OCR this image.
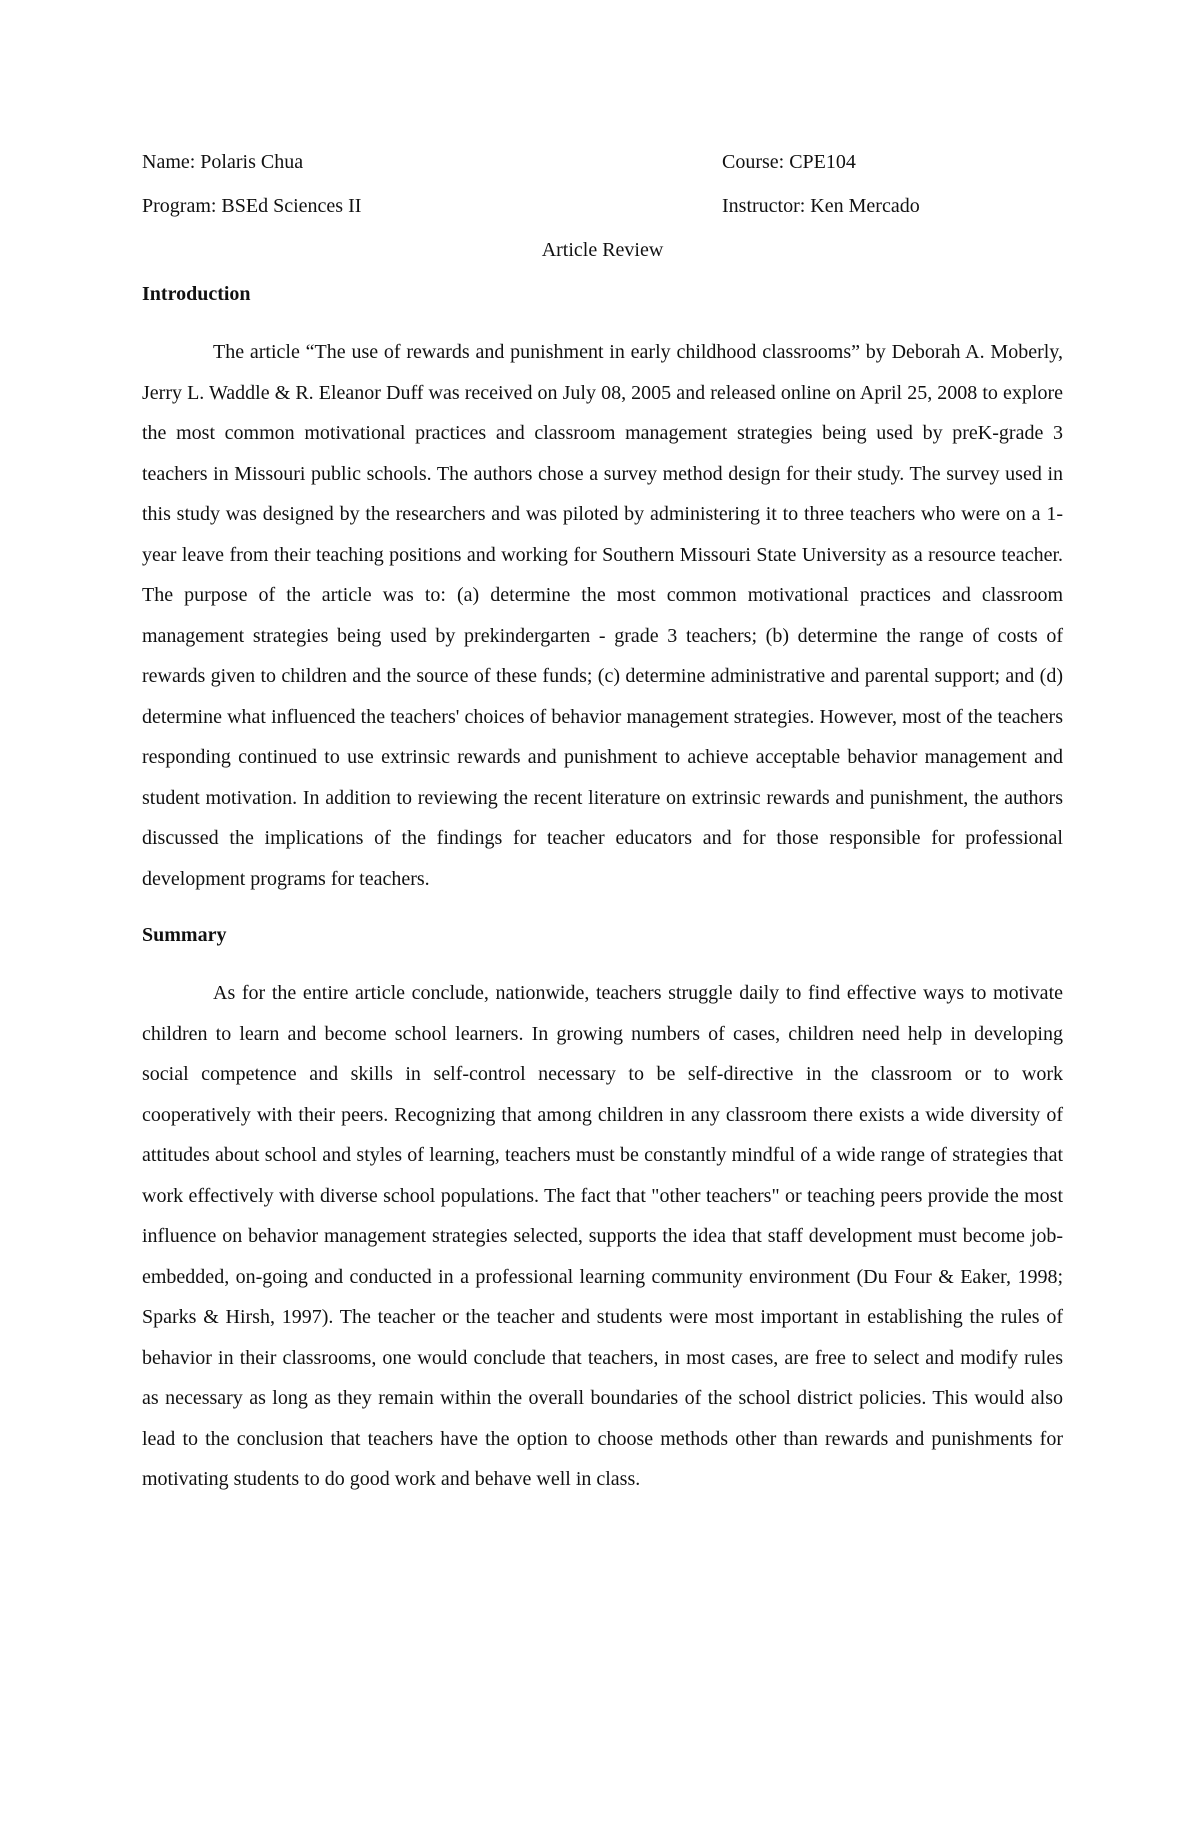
Name: Polaris Chua	Course: CPE104
Program: BSEd Sciences II	Instructor: Ken Mercado
Article Review
Introduction

The article “The use of rewards and punishment in early childhood classrooms” by Deborah A. Moberly, Jerry L. Waddle & R. Eleanor Duff was received on July 08, 2005 and released online on April 25, 2008 to explore the most common motivational practices and classroom management strategies being used by preK-grade 3 teachers in Missouri public schools. The authors chose a survey method design for their study. The survey used in this study was designed by the researchers and was piloted by administering it to three teachers who were on a 1-year leave from their teaching positions and working for Southern Missouri State University as a resource teacher. The purpose of the article was to: (a) determine the most common motivational practices and classroom management strategies being used by prekindergarten - grade 3 teachers; (b) determine the range of costs of rewards given to children and the source of these funds; (c) determine administrative and parental support; and (d) determine what influenced the teachers' choices of behavior management strategies. However, most of the teachers responding continued to use extrinsic rewards and punishment to achieve acceptable behavior management and student motivation. In addition to reviewing the recent literature on extrinsic rewards and punishment, the authors discussed the implications of the findings for teacher educators and for those responsible for professional development programs for teachers.

Summary

As for the entire article conclude, nationwide, teachers struggle daily to find effective ways to motivate children to learn and become school learners. In growing numbers of cases, children need help in developing social competence and skills in self-control necessary to be self-directive in the classroom or to work cooperatively with their peers. Recognizing that among children in any classroom there exists a wide diversity of attitudes about school and styles of learning, teachers must be constantly mindful of a wide range of strategies that work effectively with diverse school populations. The fact that "other teachers" or teaching peers provide the most influence on behavior management strategies selected, supports the idea that staff development must become job-embedded, on-going and conducted in a professional learning community environment (Du Four & Eaker, 1998; Sparks & Hirsh, 1997). The teacher or the teacher and students were most important in establishing the rules of behavior in their classrooms, one would conclude that teachers, in most cases, are free to select and modify rules as necessary as long as they remain within the overall boundaries of the school district policies. This would also lead to the conclusion that teachers have the option to choose methods other than rewards and punishments for motivating students to do good work and behave well in class.
